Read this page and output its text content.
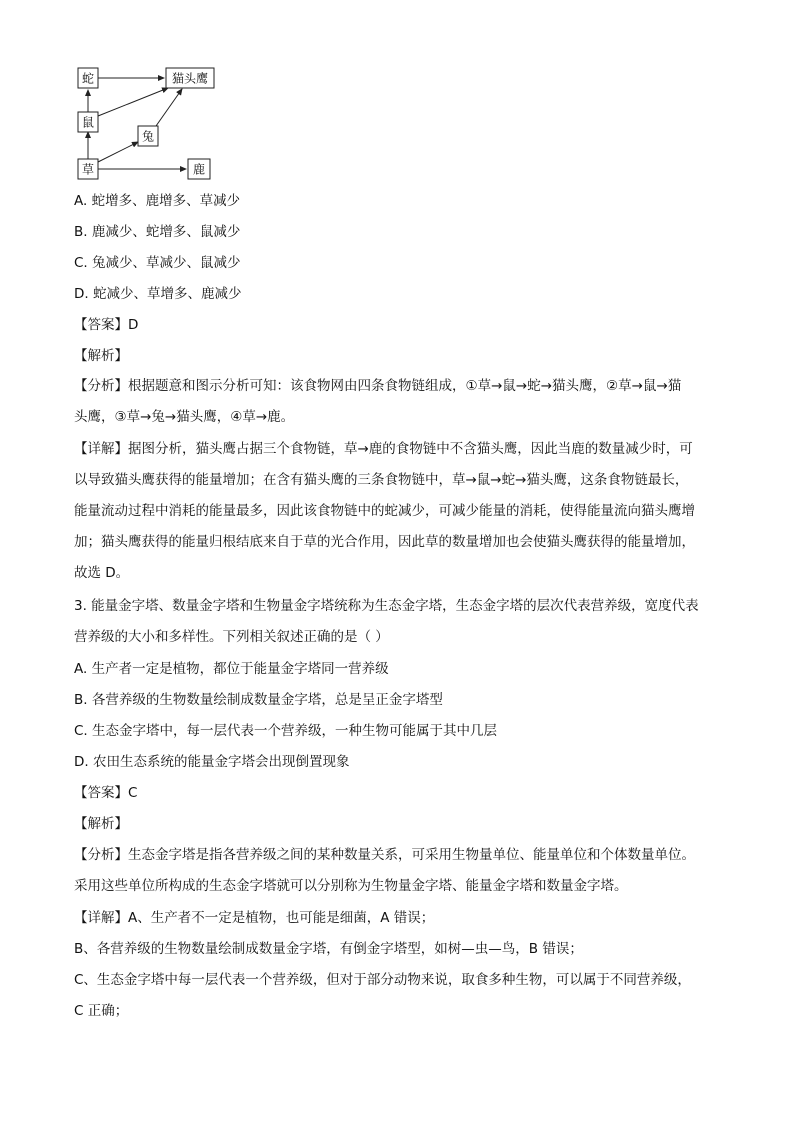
蛇	猫头鹰
鼠
兔
草	鹿
A. 蛇增多、鹿增多、草减少
B. 鹿减少、蛇增多、鼠减少
C. 兔减少、草减少、鼠减少
D. 蛇减少、草增多、鹿减少
【答案】D
【解析】
【分析】根据题意和图示分析可知：该食物网由四条食物链组成，①草→鼠→蛇→猫头鹰，②草→鼠→猫
头鹰，③草→兔→猫头鹰，④草→鹿。
【详解】据图分析，猫头鹰占据三个食物链，草→鹿的食物链中不含猫头鹰，因此当鹿的数量减少时，可
以导致猫头鹰获得的能量增加；在含有猫头鹰的三条食物链中，草→鼠→蛇→猫头鹰，这条食物链最长，
能量流动过程中消耗的能量最多，因此该食物链中的蛇减少，可减少能量的消耗，使得能量流向猫头鹰增
加；猫头鹰获得的能量归根结底来自于草的光合作用，因此草的数量增加也会使猫头鹰获得的能量增加，
故选 D。
3. 能量金字塔、数量金字塔和生物量金字塔统称为生态金字塔，生态金字塔的层次代表营养级，宽度代表
营养级的大小和多样性。下列相关叙述正确的是（ ）
A. 生产者一定是植物，都位于能量金字塔同一营养级
B. 各营养级的生物数量绘制成数量金字塔，总是呈正金字塔型
C. 生态金字塔中，每一层代表一个营养级，一种生物可能属于其中几层
D. 农田生态系统的能量金字塔会出现倒置现象
【答案】C
【解析】
【分析】生态金字塔是指各营养级之间的某种数量关系，可采用生物量单位、能量单位和个体数量单位。
采用这些单位所构成的生态金字塔就可以分别称为生物量金字塔、能量金字塔和数量金字塔。
【详解】A、生产者不一定是植物，也可能是细菌，A 错误；
B、各营养级的生物数量绘制成数量金字塔，有倒金字塔型，如树—虫—鸟，B 错误；
C、生态金字塔中每一层代表一个营养级，但对于部分动物来说，取食多种生物，可以属于不同营养级，
C 正确；
